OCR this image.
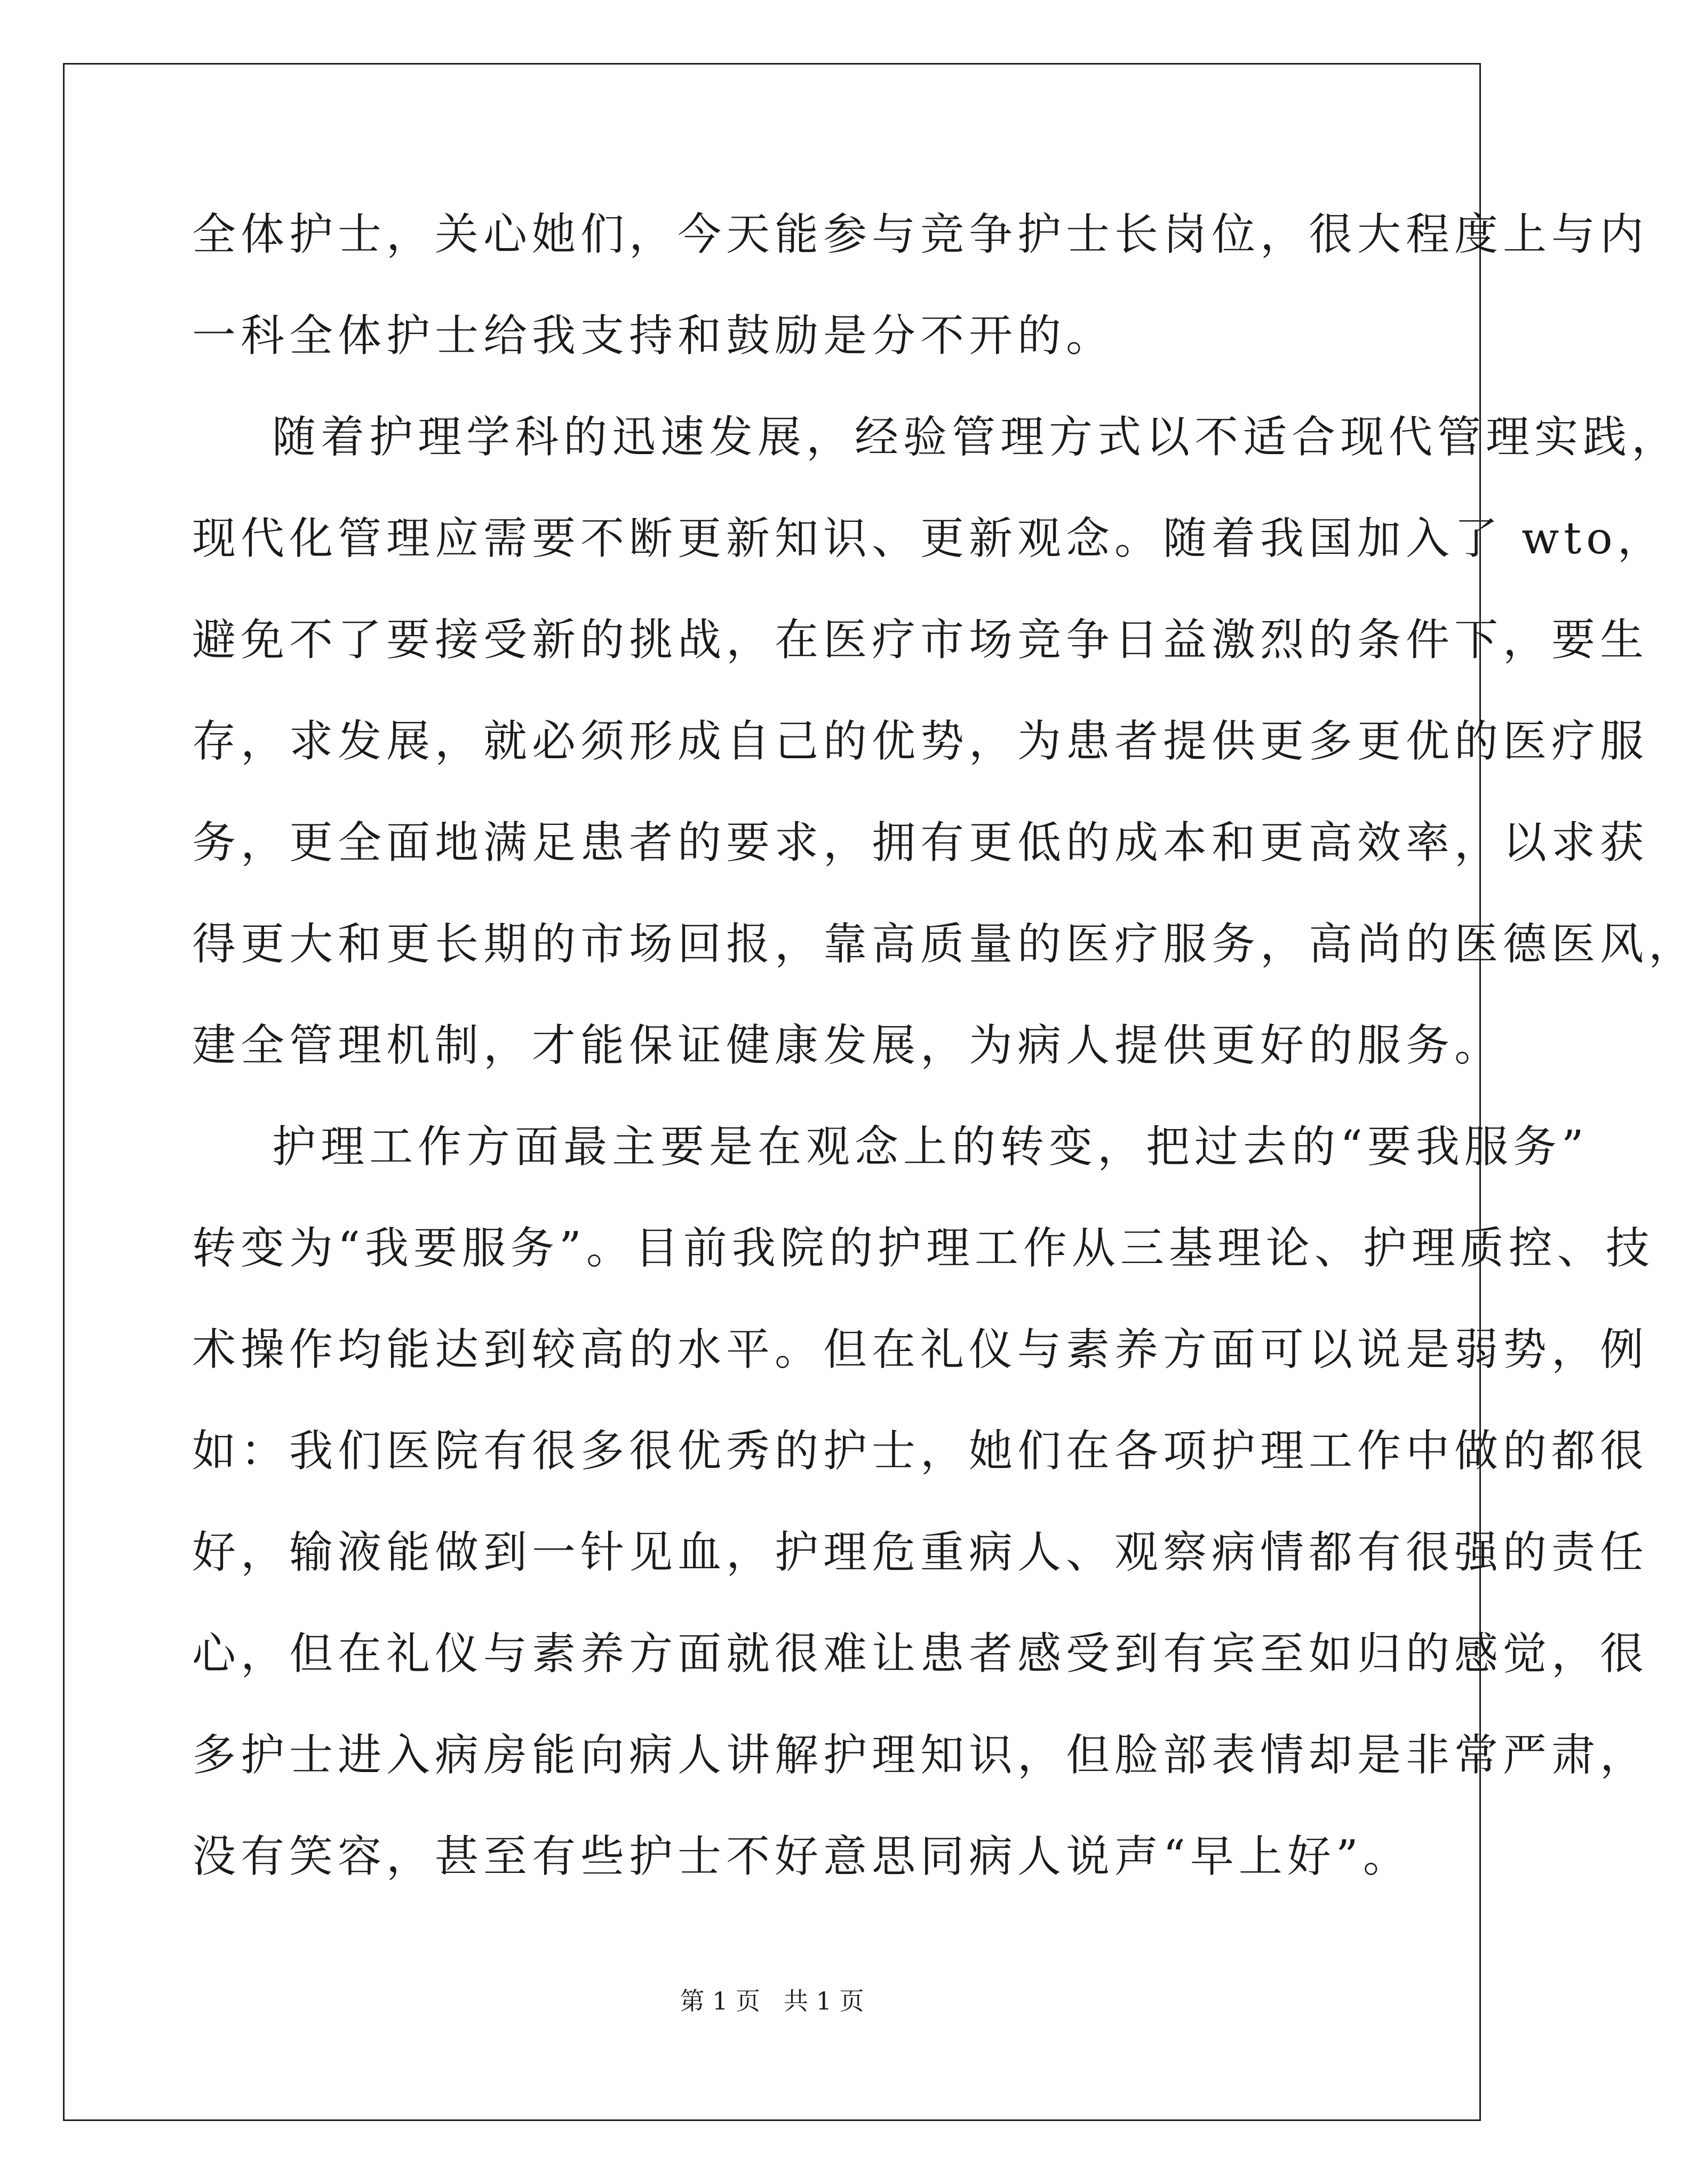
全体护士，关心她们，今天能参与竞争护士长岗位，很大程度上与内
一科全体护士给我支持和鼓励是分不开的。
随着护理学科的迅速发展，经验管理方式以不适合现代管理实践，
现代化管理应需要不断更新知识、更新观念。随着我国加入了 wto，
避免不了要接受新的挑战，在医疗市场竞争日益激烈的条件下，要生
存，求发展，就必须形成自己的优势，为患者提供更多更优的医疗服
务，更全面地满足患者的要求，拥有更低的成本和更高效率，以求获
得更大和更长期的市场回报，靠高质量的医疗服务，高尚的医德医风，
建全管理机制，才能保证健康发展，为病人提供更好的服务。
护理工作方面最主要是在观念上的转变，把过去的“要我服务”
转变为“我要服务”。目前我院的护理工作从三基理论、护理质控、技
术操作均能达到较高的水平。但在礼仪与素养方面可以说是弱势，例
如：我们医院有很多很优秀的护士，她们在各项护理工作中做的都很
好，输液能做到一针见血，护理危重病人、观察病情都有很强的责任
心，但在礼仪与素养方面就很难让患者感受到有宾至如归的感觉，很
多护士进入病房能向病人讲解护理知识，但脸部表情却是非常严肃，
没有笑容，甚至有些护士不好意思同病人说声“早上好”。
第 1 页 共 1 页
